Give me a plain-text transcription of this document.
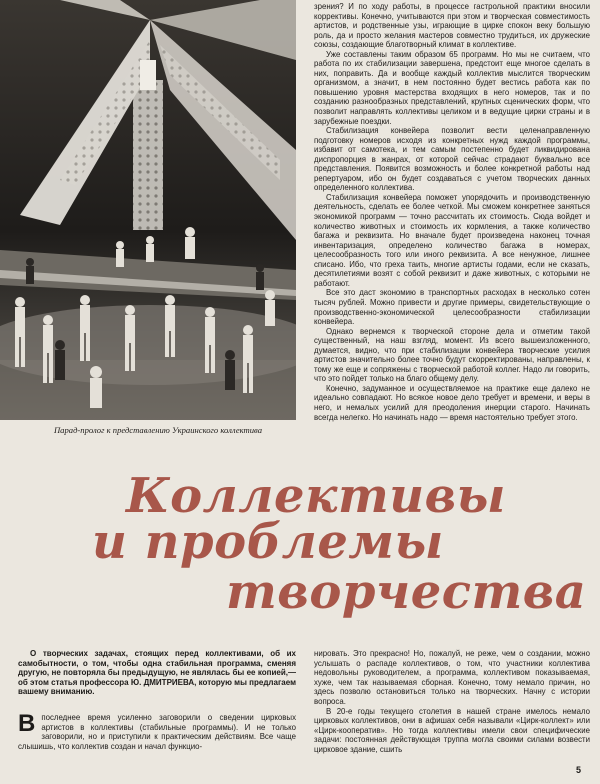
Парад-пролог к представлению Украинского коллектива

зрения? И по ходу работы, в процессе гастрольной практики вносили коррективы. Конечно, учитываются при этом и творческая совместимость артистов, и родственные узы, играющие в цирке спокон веку большую роль, да и просто желания мастеров совместно трудиться, их дружеские союзы, создающие благотворный климат в коллективе.

Уже составлены таким образом 65 программ. Но мы не считаем, что работа по их стабилизации завершена, предстоит еще многое сделать в них, поправить. Да и вообще каждый коллектив мыслится творческим организмом, а значит, в нем постоянно будет вестись работа как по повышению уровня мастерства входящих в него номеров, так и по созданию разнообразных представлений, крупных сценических форм, что позволит направлять коллективы целиком и в ведущие цирки страны и в зарубежные поездки.

Стабилизация конвейера позволит вести целенаправленную подготовку номеров исходя из конкретных нужд каждой программы, избавит от самотека, и тем самым постепенно будет ликвидирована диспропорция в жанрах, от которой сейчас страдают буквально все представления. Появится возможность и более конкретной работы над репертуаром, ибо он будет создаваться с учетом творческих данных определенного коллектива.

Стабилизация конвейера поможет упорядочить и производственную деятельность, сделать ее более четкой. Мы сможем конкретнее заняться экономикой программ — точно рассчитать их стоимость. Сюда войдет и количество животных и стоимость их кормления, а также количество багажа и реквизита. Но вначале будет произведена наконец точная инвентаризация, определено количество багажа в номерах, целесообразность того или иного реквизита. А все ненужное, лишнее списано. Ибо, что греха таить, многие артисты годами, если не сказать, десятилетиями возят с собой реквизит и даже животных, с которыми не работают.

Все это даст экономию в транспортных расходах в несколько сотен тысяч рублей. Можно привести и другие примеры, свидетельствующие о производственно-экономической целесообразности стабилизации конвейера.

Однако вернемся к творческой стороне дела и отметим такой существенный, на наш взгляд, момент. Из всего вышеизложенного, думается, видно, что при стабилизации конвейера творческие усилия артистов значительно более точно будут скорректированы, направлены, к тому же еще и сопряжены с творческой работой коллег. Надо ли говорить, что это пойдет только на благо общему делу.

Конечно, задуманное и осуществляемое на практике еще далеко не идеально совпадают. Но всякое новое дело требует и времени, и веры в него, и немалых усилий для преодоления инерции старого. Начинать всегда нелегко. Но начинать надо — время настоятельно требует этого.

Коллективы
и проблемы
творчества

О творческих задачах, стоящих перед коллективами, об их самобытности, о том, чтобы одна стабильная программа, сменяя другую, не повторяла бы предыдущую, не являлась бы ее копией,— об этом статья профессора Ю. ДМИТРИЕВА, которую мы предлагаем вашему вниманию.

В последнее время усиленно заговорили о сведении цирковых артистов в коллективы (стабильные программы). И не только заговорили, но и приступили к практическим действиям. Все чаще слышишь, что коллектив создан и начал функцио-

нировать. Это прекрасно! Но, пожалуй, не реже, чем о создании, можно услышать о распаде коллективов, о том, что участники коллектива недовольны руководителем, а программа, коллективом показываемая, хуже, чем так называемая сборная. Конечно, тому немало причин, но здесь позволю остановиться только на творческих. Начну с истории вопроса.

В 20-е годы текущего столетия в нашей стране имелось немало цирковых коллективов, они в афишах себя называли «Цирк-коллект» или «Цирк-кооператив». Но тогда коллективы имели свои специфические задачи: постоянная действующая труппа могла своими силами возвести цирковое здание, сшить

5
